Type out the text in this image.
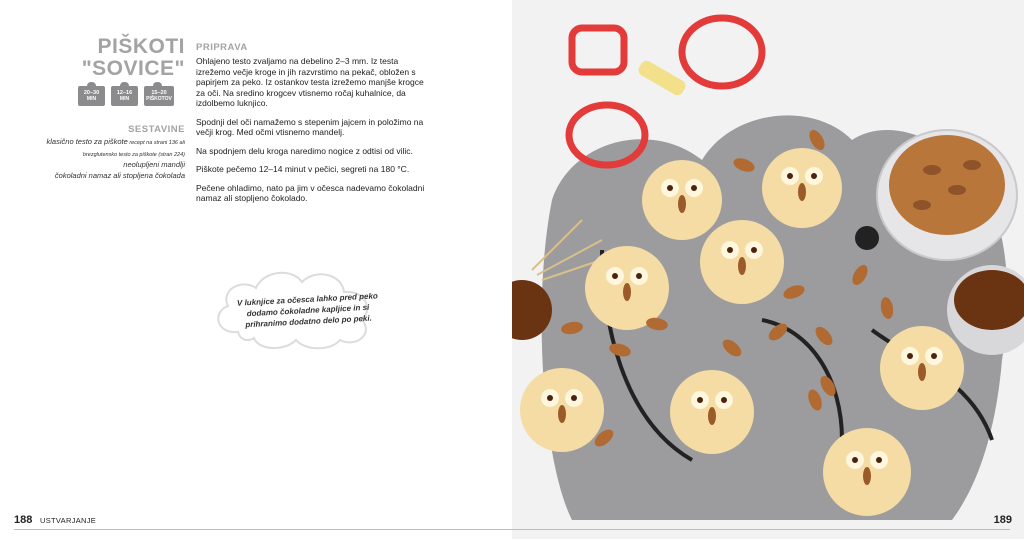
PIŠKOTI
"SOVICE"
20–30
MIN
12–16
MIN
15–20
PIŠKOTOV
SESTAVINE
klasično testo za piškote recept na strani 136 ali
brezglutensko testo za piškote (stran 224)
neolupljeni mandlji
čokoladni namaz ali stopljena čokolada
PRIPRAVA

Ohlajeno testo zvaljamo na debelino 2–3 mm. Iz testa izrežemo večje kroge in jih razvrstimo na pekač, obložen s papirjem za peko. Iz ostankov testa izrežemo manjše krogce za oči. Na sredino krogcev vtisnemo ročaj kuhalnice, da izdolbemo luknjico.

Spodnji del oči namažemo s stepenim jajcem in položimo na večji krog. Med očmi vtisnemo mandelj.

Na spodnjem delu kroga naredimo nogice z odtisi od vilic.

Piškote pečemo 12–14 minut v pečici, segreti na 180 °C.

Pečene ohladimo, nato pa jim v očesca nadevamo čokoladni namaz ali stopljeno čokolado.

V luknjice za očesca lahko pred peko dodamo čokoladne kapljice in si prihranimo dodatno delo po peki.
188 USTVARJANJE	189
